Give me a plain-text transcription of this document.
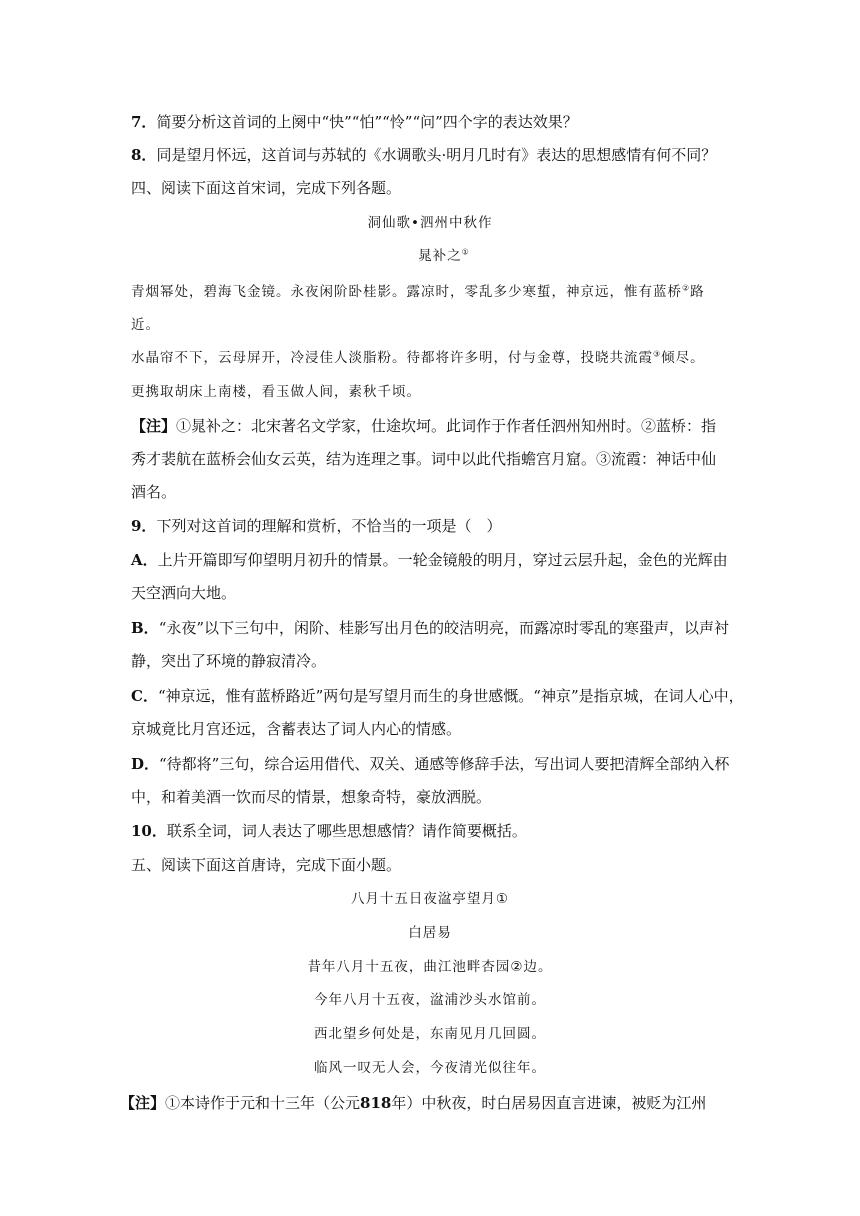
7．简要分析这首词的上阕中“快”“怕”“怜”“问”四个字的表达效果？
8．同是望月怀远，这首词与苏轼的《水调歌头·明月几时有》表达的思想感情有何不同？
四、阅读下面这首宋词，完成下列各题。
洞仙歌•泗州中秋作
晁补之①
青烟幂处，碧海飞金镜。永夜闲阶卧桂影。露凉时，零乱多少寒蜇，神京远，惟有蓝桥②路
近。
水晶帘不下，云母屏开，冷浸佳人淡脂粉。待都将许多明，付与金尊，投晓共流霞③倾尽。
更携取胡床上南楼，看玉做人间，素秋千顷。
【注】①晁补之：北宋著名文学家，仕途坎坷。此词作于作者任泗州知州时。②蓝桥：指
秀才裴航在蓝桥会仙女云英，结为连理之事。词中以此代指蟾宫月窟。③流霞：神话中仙
酒名。
9．下列对这首词的理解和赏析，不恰当的一项是（　）
A．上片开篇即写仰望明月初升的情景。一轮金镜般的明月，穿过云层升起，金色的光辉由
天空洒向大地。
B．“永夜”以下三句中，闲阶、桂影写出月色的皎洁明亮，而露凉时零乱的寒蛩声，以声衬
静，突出了环境的静寂清冷。
C．“神京远，惟有蓝桥路近”两句是写望月而生的身世感慨。“神京”是指京城，在词人心中，
京城竟比月宫还远，含蓄表达了词人内心的情感。
D．“待都将”三句，综合运用借代、双关、通感等修辞手法，写出词人要把清辉全部纳入杯
中，和着美酒一饮而尽的情景，想象奇特，豪放洒脱。
10．联系全词，词人表达了哪些思想感情？请作简要概括。
五、阅读下面这首唐诗，完成下面小题。
八月十五日夜湓亭望月①
白居易
昔年八月十五夜，曲江池畔杏园②边。
今年八月十五夜，湓浦沙头水馆前。
西北望乡何处是，东南见月几回圆。
临风一叹无人会，今夜清光似往年。
【注】①本诗作于元和十三年（公元818年）中秋夜，时白居易因直言进谏，被贬为江州
